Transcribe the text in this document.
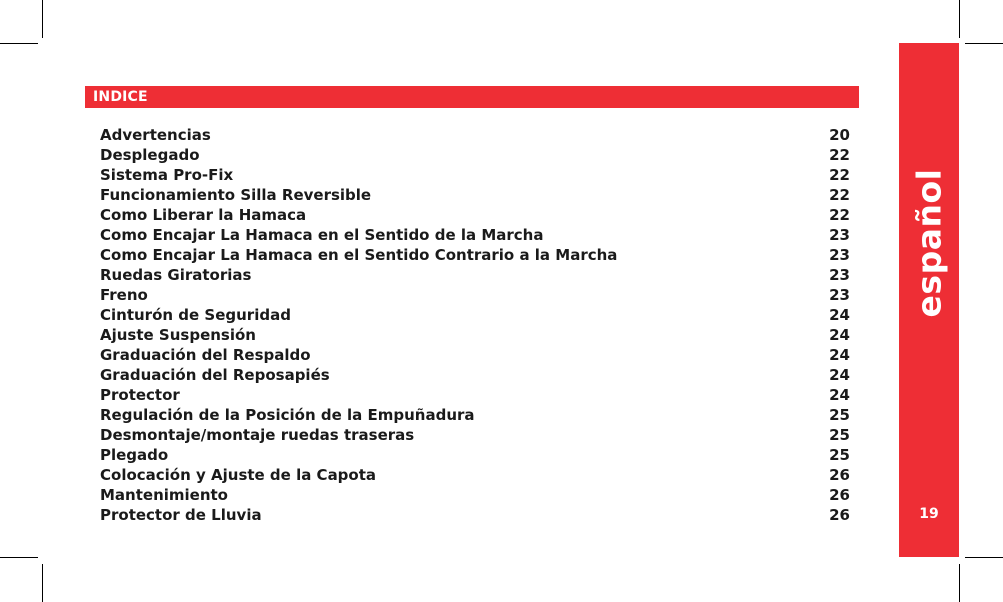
INDICE
Advertencias	20
Desplegado	22
Sistema Pro-Fix	22
Funcionamiento Silla Reversible	22
Como Liberar la Hamaca	22
Como Encajar La Hamaca en el Sentido de la Marcha	23
Como Encajar La Hamaca en el Sentido Contrario a la Marcha	23
Ruedas Giratorias	23
Freno	23
Cinturón de Seguridad	24
Ajuste Suspensión	24
Graduación del Respaldo	24
Graduación del Reposapiés	24
Protector	24
Regulación de la Posición de la Empuñadura	25
Desmontaje/montaje ruedas traseras	25
Plegado	25
Colocación y Ajuste de la Capota	26
Mantenimiento	26
Protector de Lluvia	26
español
19
